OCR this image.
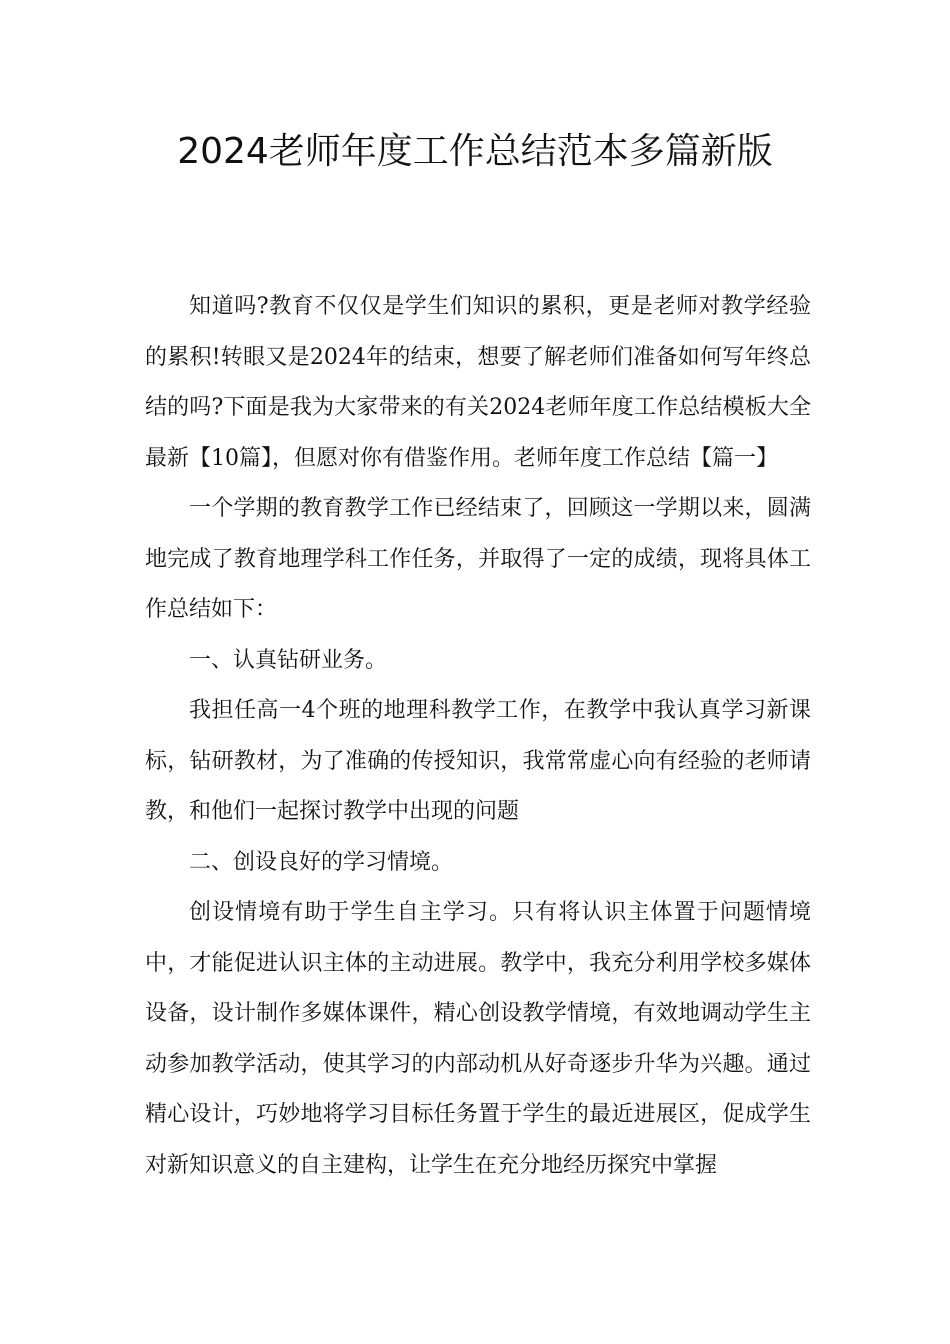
2024老师年度工作总结范本多篇新版

知道吗?教育不仅仅是学生们知识的累积，更是老师对教学经验的累积!转眼又是2024年的结束，想要了解老师们准备如何写年终总结的吗?下面是我为大家带来的有关2024老师年度工作总结模板大全最新【10篇】，但愿对你有借鉴作用。老师年度工作总结【篇一】

一个学期的教育教学工作已经结束了，回顾这一学期以来，圆满地完成了教育地理学科工作任务，并取得了一定的成绩，现将具体工作总结如下：

一、认真钻研业务。

我担任高一4个班的地理科教学工作，在教学中我认真学习新课标，钻研教材，为了准确的传授知识，我常常虚心向有经验的老师请教，和他们一起探讨教学中出现的问题

二、创设良好的学习情境。

创设情境有助于学生自主学习。只有将认识主体置于问题情境中，才能促进认识主体的主动进展。教学中，我充分利用学校多媒体设备，设计制作多媒体课件，精心创设教学情境，有效地调动学生主动参加教学活动，使其学习的内部动机从好奇逐步升华为兴趣。通过精心设计，巧妙地将学习目标任务置于学生的最近进展区，促成学生对新知识意义的自主建构，让学生在充分地经历探究中掌握
